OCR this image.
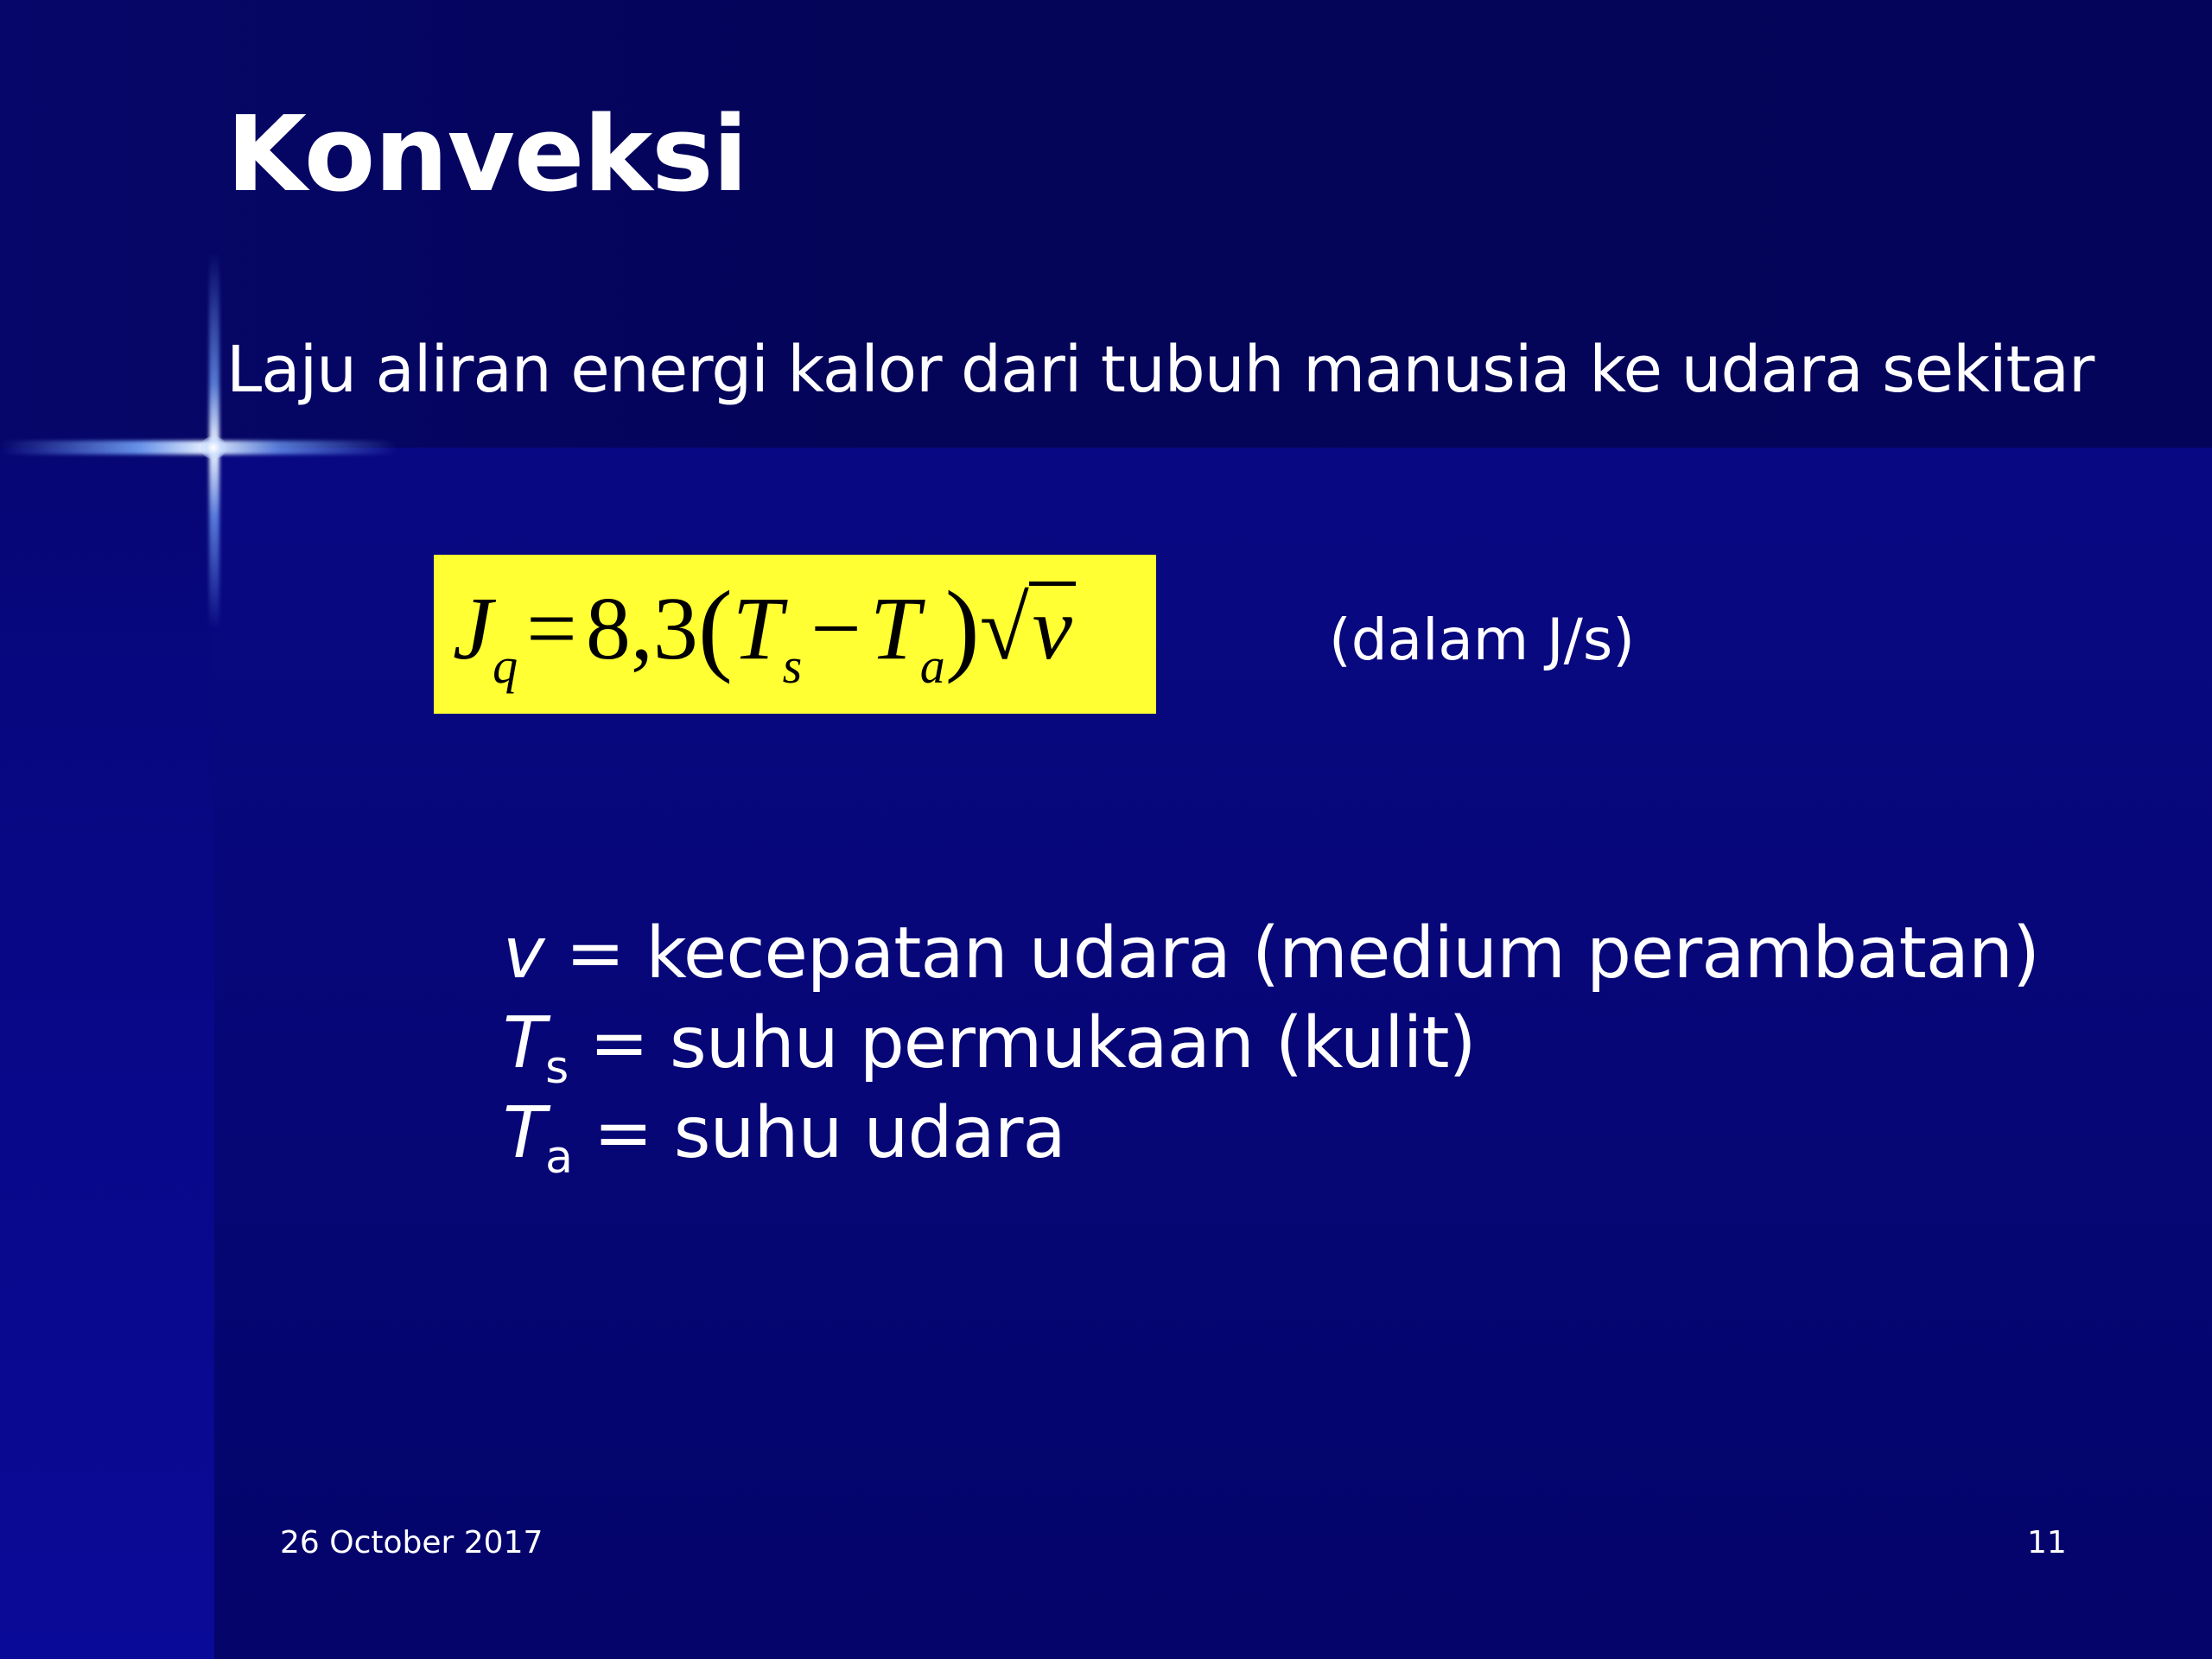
Konveksi
Laju aliran energi kalor dari tubuh manusia ke udara sekitar
$J_q=8,3(T_s-T_a)√v$	(dalam J/s)
v = kecepatan udara (medium perambatan)
$T_s$ = suhu permukaan (kulit)
$T_a$ = suhu udara
26 October 2017	11
